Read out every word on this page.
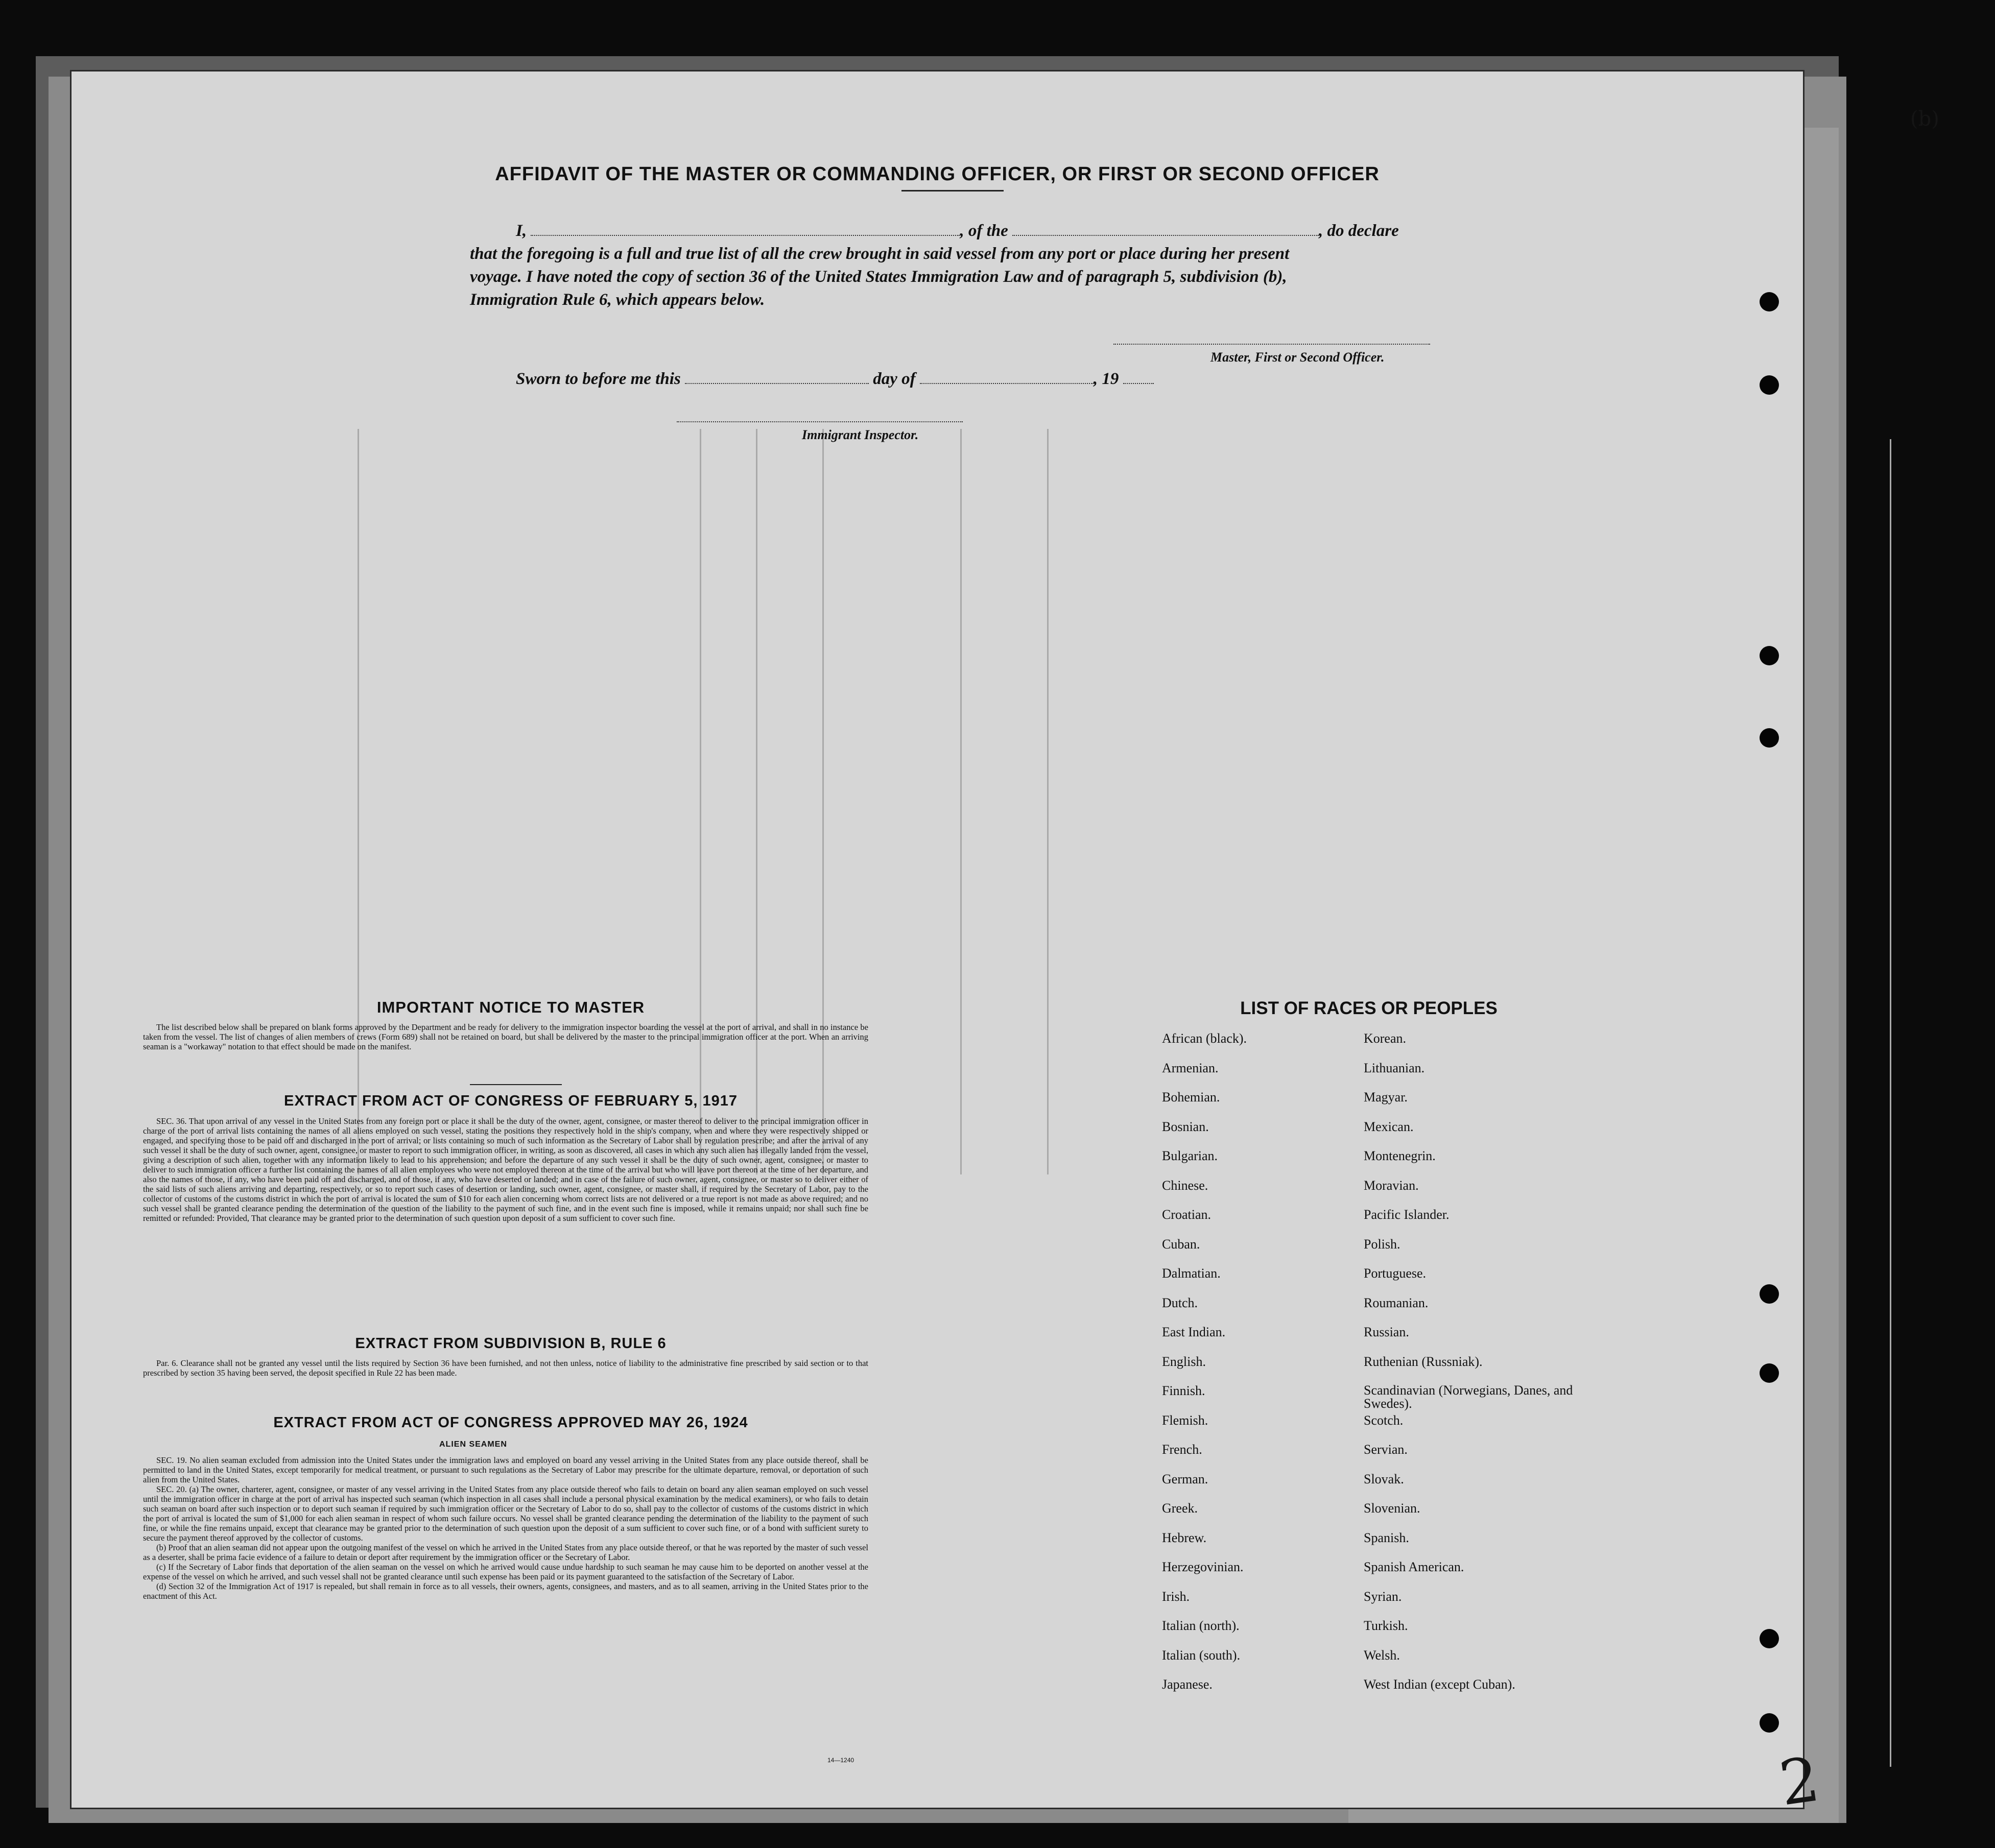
AFFIDAVIT OF THE MASTER OR COMMANDING OFFICER, OR FIRST OR SECOND OFFICER
I,	, of the	, do declare
that the foregoing is a full and true list of all the crew brought in said vessel from any port or place during her present
voyage. I have noted the copy of section 36 of the United States Immigration Law and of paragraph 5, subdivision (b),
Immigration Rule 6, which appears below.
Master, First or Second Officer.
Sworn to before me this	day of	, 19
Immigrant Inspector.
IMPORTANT NOTICE TO MASTER

The list described below shall be prepared on blank forms approved by the Department and be ready for delivery to the immigration inspector boarding the vessel at the port of arrival, and shall in no instance be taken from the vessel. The list of changes of alien members of crews (Form 689) shall not be retained on board, but shall be delivered by the master to the principal immigration officer at the port. When an arriving seaman is a "workaway" notation to that effect should be made on the manifest.

EXTRACT FROM ACT OF CONGRESS OF FEBRUARY 5, 1917

SEC. 36. That upon arrival of any vessel in the United States from any foreign port or place it shall be the duty of the owner, agent, consignee, or master thereof to deliver to the principal immigration officer in charge of the port of arrival lists containing the names of all aliens employed on such vessel, stating the positions they respectively hold in the ship's company, when and where they were respectively shipped or engaged, and specifying those to be paid off and discharged in the port of arrival; or lists containing so much of such information as the Secretary of Labor shall by regulation prescribe; and after the arrival of any such vessel it shall be the duty of such owner, agent, consignee, or master to report to such immigration officer, in writing, as soon as discovered, all cases in which any such alien has illegally landed from the vessel, giving a description of such alien, together with any information likely to lead to his apprehension; and before the departure of any such vessel it shall be the duty of such owner, agent, consignee, or master to deliver to such immigration officer a further list containing the names of all alien employees who were not employed thereon at the time of the arrival but who will leave port thereon at the time of her departure, and also the names of those, if any, who have been paid off and discharged, and of those, if any, who have deserted or landed; and in case of the failure of such owner, agent, consignee, or master so to deliver either of the said lists of such aliens arriving and departing, respectively, or so to report such cases of desertion or landing, such owner, agent, consignee, or master shall, if required by the Secretary of Labor, pay to the collector of customs of the customs district in which the port of arrival is located the sum of $10 for each alien concerning whom correct lists are not delivered or a true report is not made as above required; and no such vessel shall be granted clearance pending the determination of the question of the liability to the payment of such fine, and in the event such fine is imposed, while it remains unpaid; nor shall such fine be remitted or refunded: Provided, That clearance may be granted prior to the determination of such question upon deposit of a sum sufficient to cover such fine.

EXTRACT FROM SUBDIVISION B, RULE 6

Par. 6. Clearance shall not be granted any vessel until the lists required by Section 36 have been furnished, and not then unless, notice of liability to the administrative fine prescribed by said section or to that prescribed by section 35 having been served, the deposit specified in Rule 22 has been made.

EXTRACT FROM ACT OF CONGRESS APPROVED MAY 26, 1924
ALIEN SEAMEN

SEC. 19. No alien seaman excluded from admission into the United States under the immigration laws and employed on board any vessel arriving in the United States from any place outside thereof, shall be permitted to land in the United States, except temporarily for medical treatment, or pursuant to such regulations as the Secretary of Labor may prescribe for the ultimate departure, removal, or deportation of such alien from the United States.

SEC. 20. (a) The owner, charterer, agent, consignee, or master of any vessel arriving in the United States from any place outside thereof who fails to detain on board any alien seaman employed on such vessel until the immigration officer in charge at the port of arrival has inspected such seaman (which inspection in all cases shall include a personal physical examination by the medical examiners), or who fails to detain such seaman on board after such inspection or to deport such seaman if required by such immigration officer or the Secretary of Labor to do so, shall pay to the collector of customs of the customs district in which the port of arrival is located the sum of $1,000 for each alien seaman in respect of whom such failure occurs. No vessel shall be granted clearance pending the determination of the liability to the payment of such fine, or while the fine remains unpaid, except that clearance may be granted prior to the determination of such question upon the deposit of a sum sufficient to cover such fine, or of a bond with sufficient surety to secure the payment thereof approved by the collector of customs.

(b) Proof that an alien seaman did not appear upon the outgoing manifest of the vessel on which he arrived in the United States from any place outside thereof, or that he was reported by the master of such vessel as a deserter, shall be prima facie evidence of a failure to detain or deport after requirement by the immigration officer or the Secretary of Labor.

(c) If the Secretary of Labor finds that deportation of the alien seaman on the vessel on which he arrived would cause undue hardship to such seaman he may cause him to be deported on another vessel at the expense of the vessel on which he arrived, and such vessel shall not be granted clearance until such expense has been paid or its payment guaranteed to the satisfaction of the Secretary of Labor.

(d) Section 32 of the Immigration Act of 1917 is repealed, but shall remain in force as to all vessels, their owners, agents, consignees, and masters, and as to all seamen, arriving in the United States prior to the enactment of this Act.

14—1240
LIST OF RACES OR PEOPLES
African (black).
Armenian.
Bohemian.
Bosnian.
Bulgarian.
Chinese.
Croatian.
Cuban.
Dalmatian.
Dutch.
East Indian.
English.
Finnish.
Flemish.
French.
German.
Greek.
Hebrew.
Herzegovinian.
Irish.
Italian (north).
Italian (south).
Japanese.
Korean.
Lithuanian.
Magyar.
Mexican.
Montenegrin.
Moravian.
Pacific Islander.
Polish.
Portuguese.
Roumanian.
Russian.
Ruthenian (Russniak).
Scandinavian (Norwegians, Danes, and Swedes).
Scotch.
Servian.
Slovak.
Slovenian.
Spanish.
Spanish American.
Syrian.
Turkish.
Welsh.
West Indian (except Cuban).
(b)
2
